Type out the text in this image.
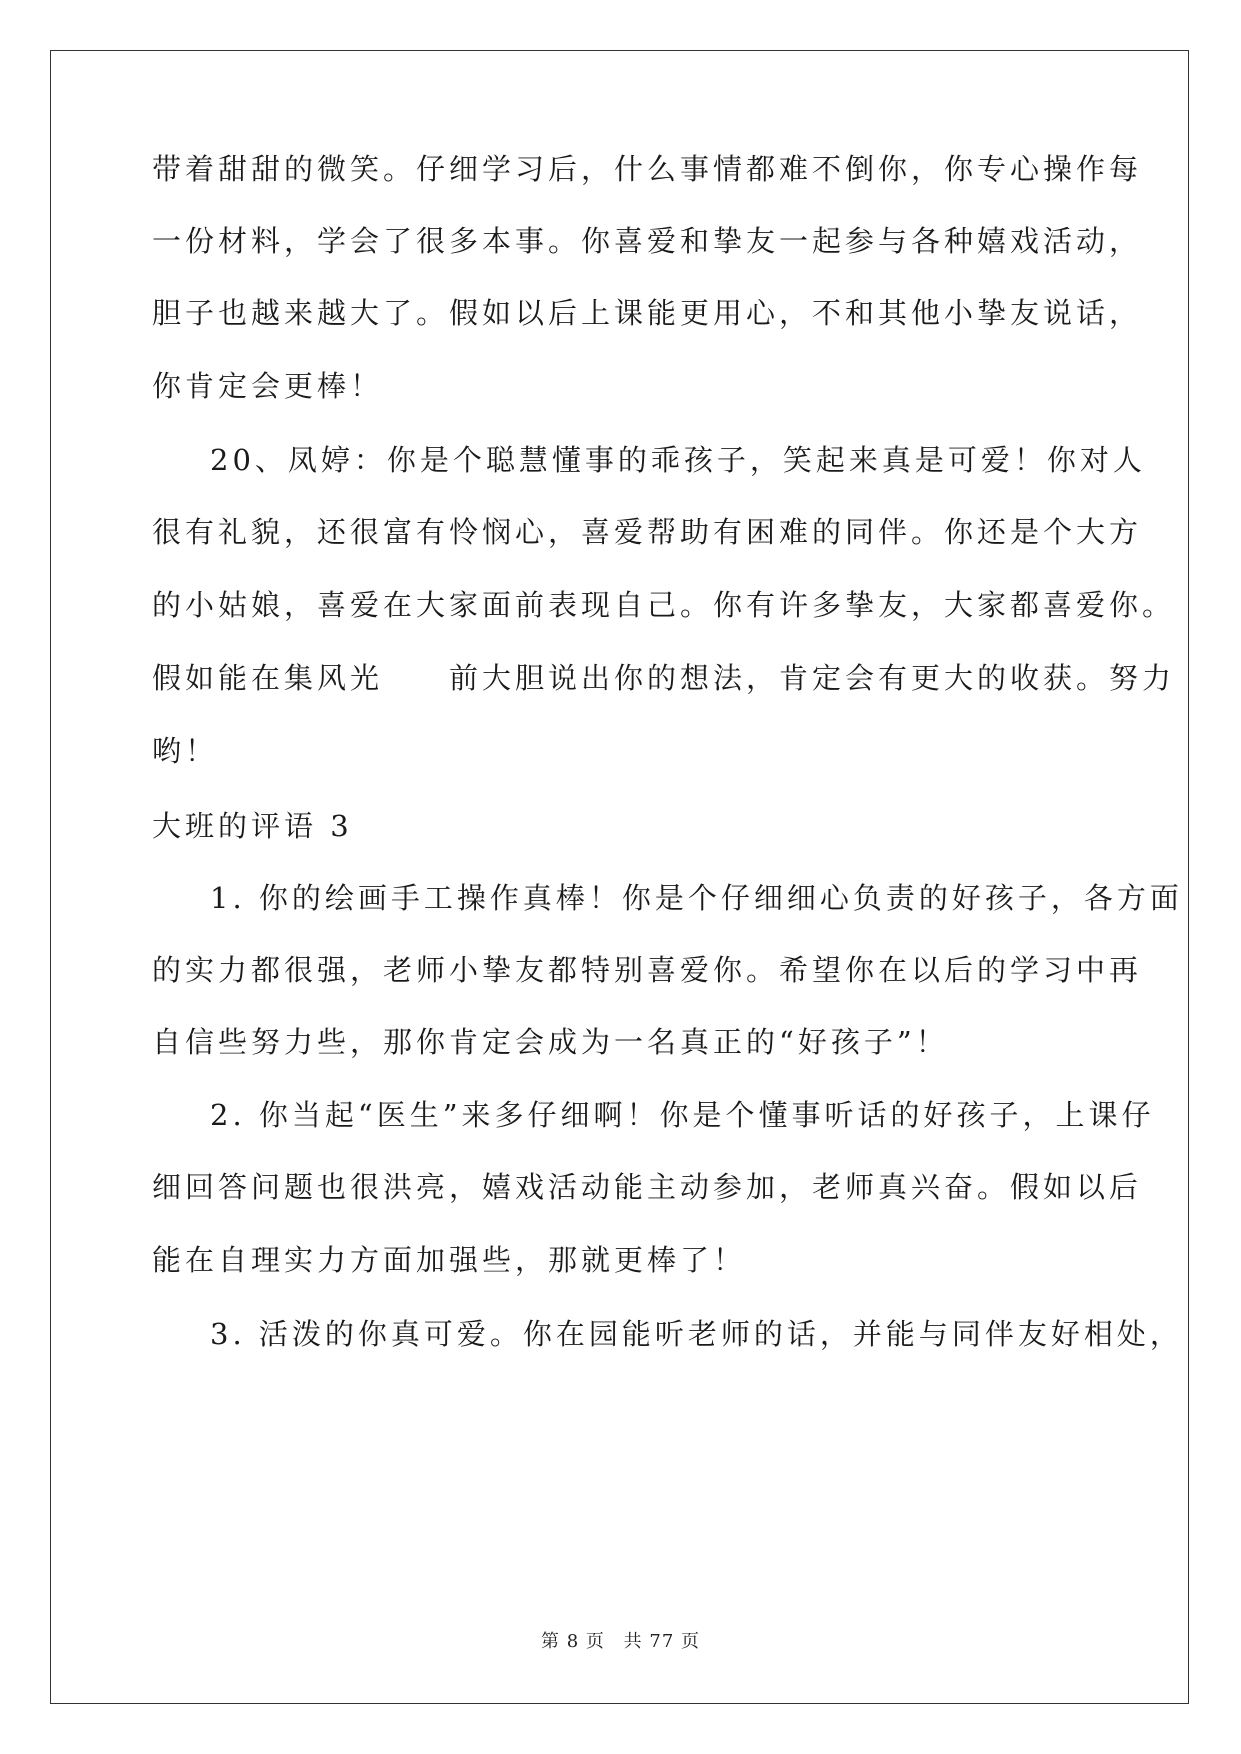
带着甜甜的微笑。仔细学习后，什么事情都难不倒你，你专心操作每
一份材料，学会了很多本事。你喜爱和挚友一起参与各种嬉戏活动，
胆子也越来越大了。假如以后上课能更用心，不和其他小挚友说话，
你肯定会更棒！
20、凤婷：你是个聪慧懂事的乖孩子，笑起来真是可爱！你对人
很有礼貌，还很富有怜悯心，喜爱帮助有困难的同伴。你还是个大方
的小姑娘，喜爱在大家面前表现自己。你有许多挚友，大家都喜爱你。
假如能在集风光　　前大胆说出你的想法，肯定会有更大的收获。努力
哟！
大班的评语 3
1. 你的绘画手工操作真棒！你是个仔细细心负责的好孩子，各方面
的实力都很强，老师小挚友都特别喜爱你。希望你在以后的学习中再
自信些努力些，那你肯定会成为一名真正的“好孩子”！
2. 你当起“医生”来多仔细啊！你是个懂事听话的好孩子，上课仔
细回答问题也很洪亮，嬉戏活动能主动参加，老师真兴奋。假如以后
能在自理实力方面加强些，那就更棒了！
3. 活泼的你真可爱。你在园能听老师的话，并能与同伴友好相处，
第 8 页 共 77 页
